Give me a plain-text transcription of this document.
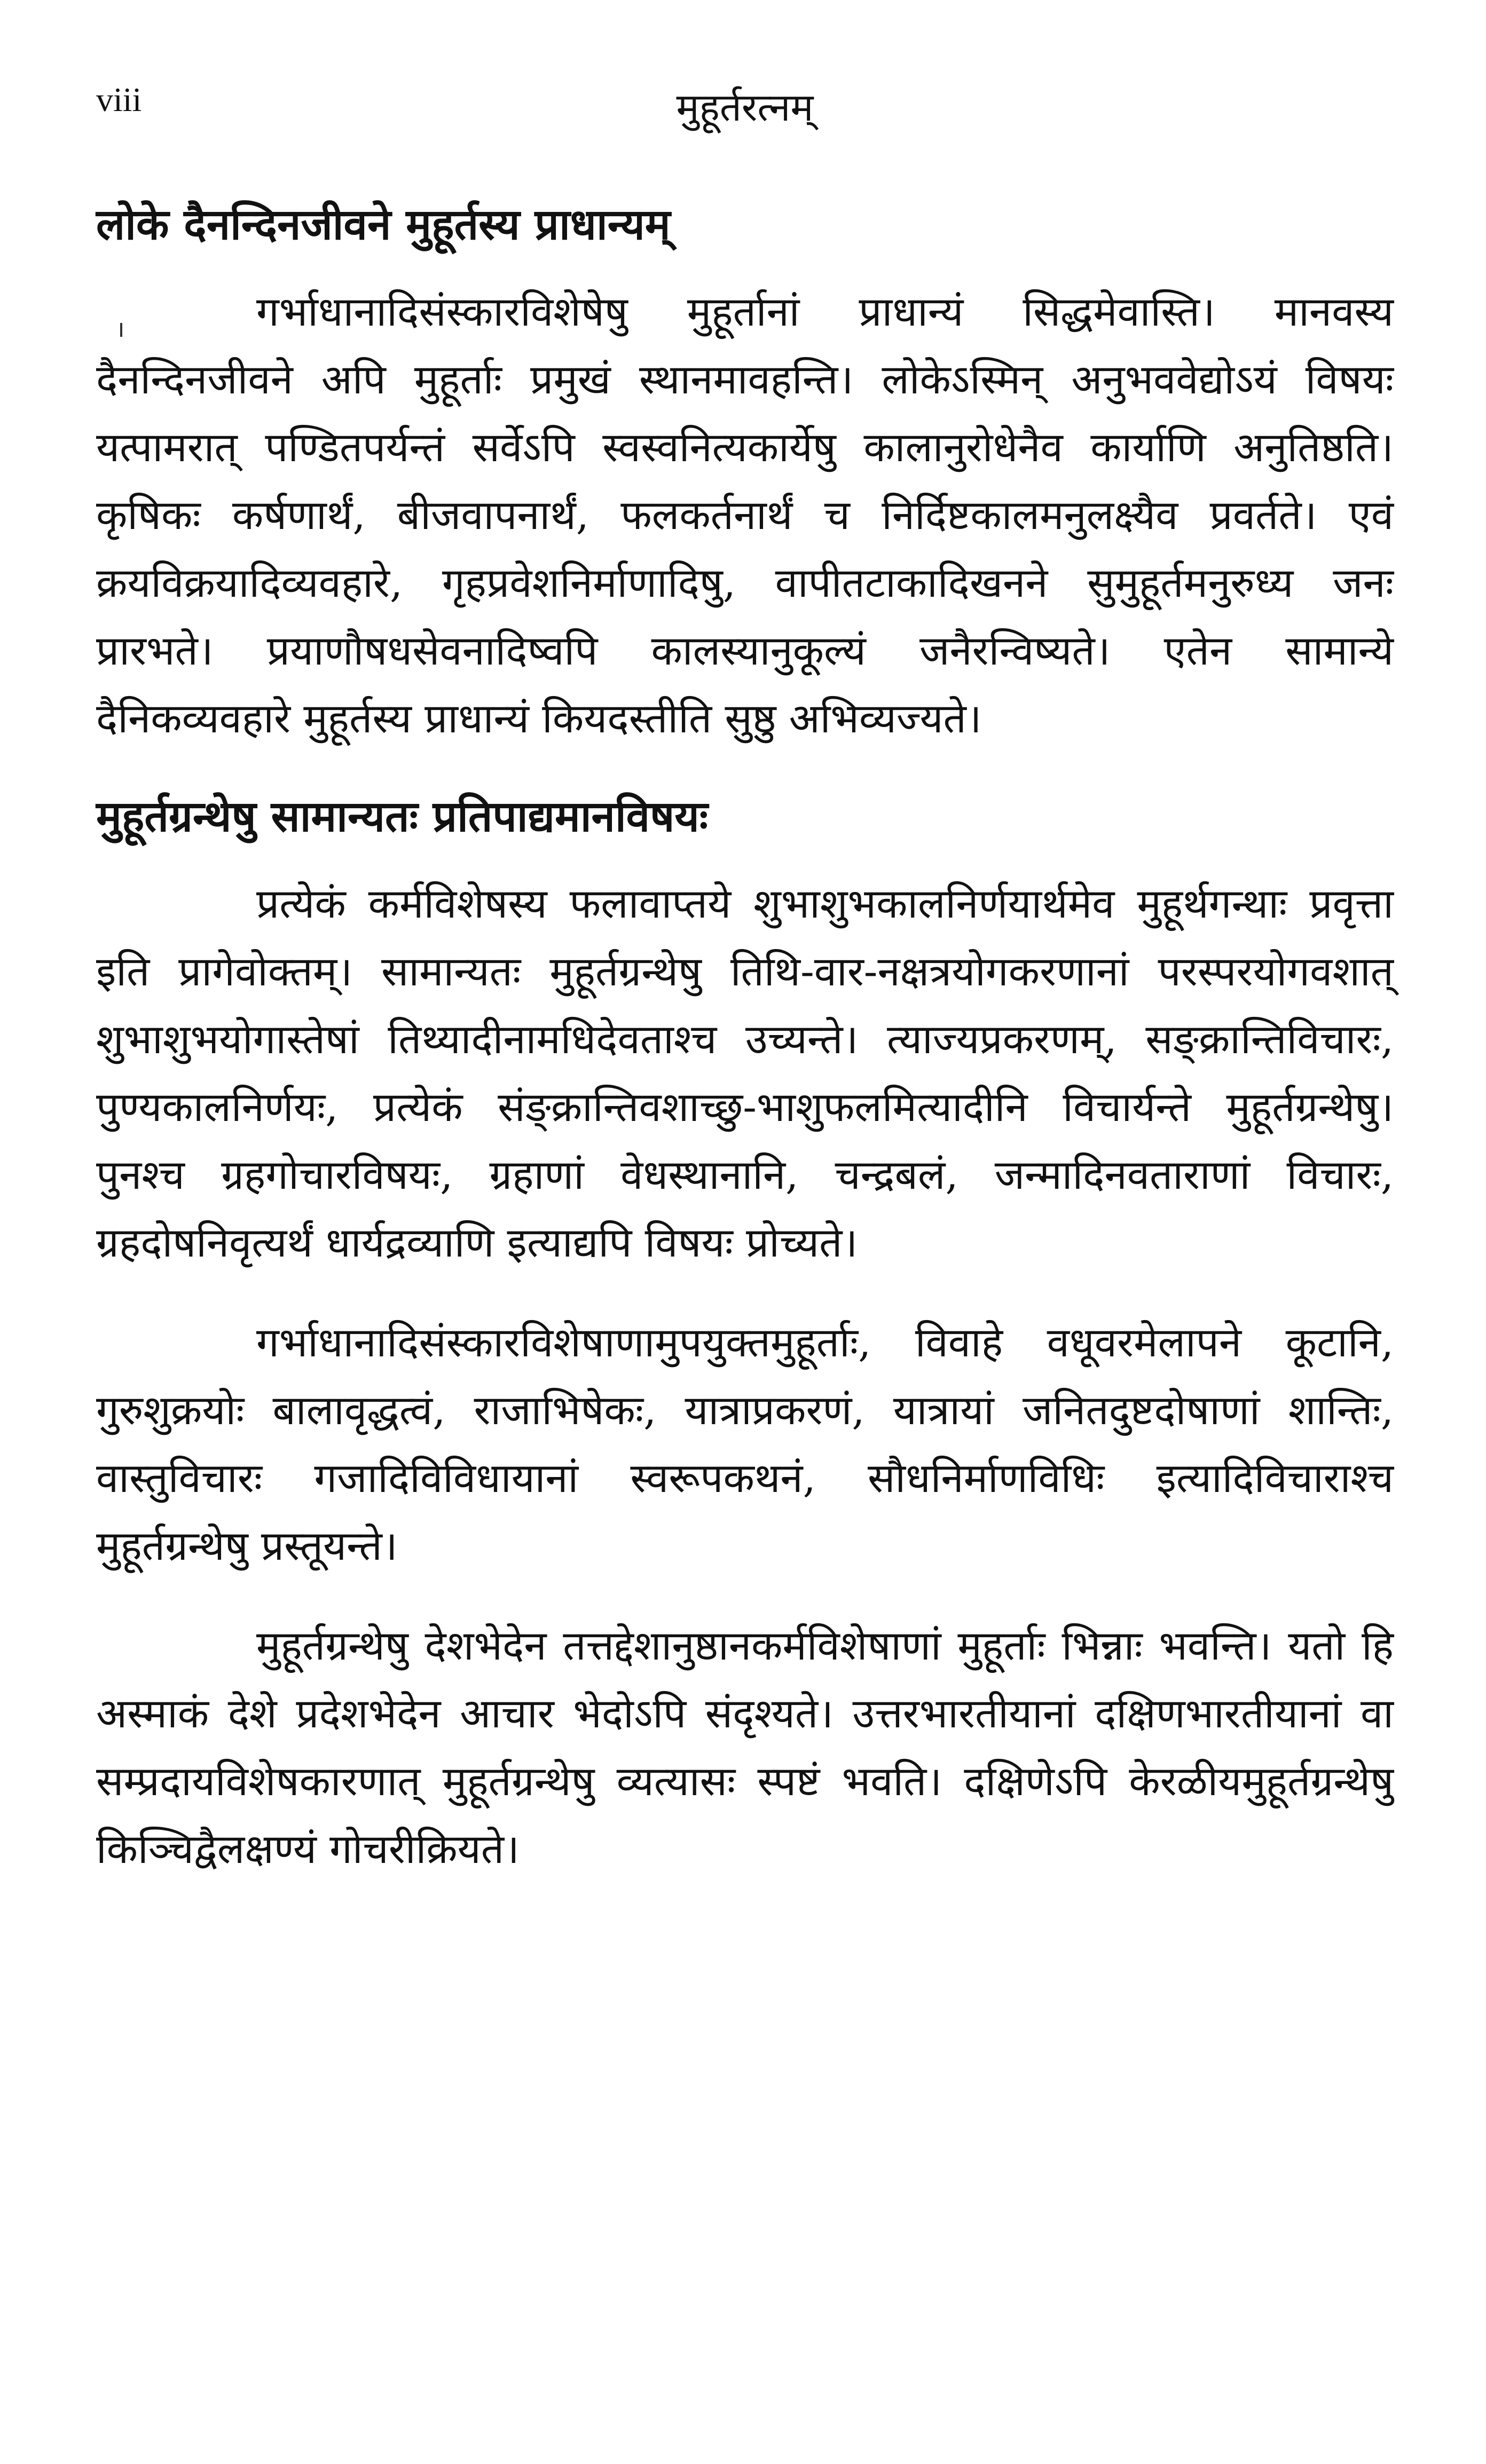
viii	मुहूर्तरत्नम्
लोके दैनन्दिनजीवने मुहूर्तस्य प्राधान्यम्

गर्भाधानादिसंस्कारविशेषेषु मुहूर्तानां प्राधान्यं सिद्धमेवास्ति। मानवस्य दैनन्दिनजीवने अपि मुहूर्ताः प्रमुखं स्थानमावहन्ति। लोकेऽस्मिन् अनुभववेद्योऽयं विषयः यत्पामरात् पण्डितपर्यन्तं सर्वेऽपि स्वस्वनित्यकार्येषु कालानुरोधेनैव कार्याणि अनुतिष्ठति। कृषिकः कर्षणार्थं, बीजवापनार्थं, फलकर्तनार्थं च निर्दिष्टकालमनुलक्ष्यैव प्रवर्तते। एवं क्रयविक्रयादिव्यवहारे, गृहप्रवेशनिर्माणादिषु, वापीतटाकादिखनने सुमुहूर्तमनुरुध्य जनः प्रारभते। प्रयाणौषधसेवनादिष्वपि कालस्यानुकूल्यं जनैरन्विष्यते। एतेन सामान्ये दैनिकव्यवहारे मुहूर्तस्य प्राधान्यं कियदस्तीति सुष्ठु अभिव्यज्यते।

मुहूर्तग्रन्थेषु सामान्यतः प्रतिपाद्यमानविषयः

प्रत्येकं कर्मविशेषस्य फलावाप्तये शुभाशुभकालनिर्णयार्थमेव मुहूर्थगन्थाः प्रवृत्ता इति प्रागेवोक्तम्। सामान्यतः मुहूर्तग्रन्थेषु तिथि-वार-नक्षत्रयोगकरणानां परस्परयोगवशात् शुभाशुभयोगास्तेषां तिथ्यादीनामधिदेवताश्च उच्यन्ते। त्याज्यप्रकरणम्, सङ्क्रान्तिविचारः, पुण्यकालनिर्णयः, प्रत्येकं संङ्क्रान्तिवशाच्छु-भाशुफलमित्यादीनि विचार्यन्ते मुहूर्तग्रन्थेषु। पुनश्च ग्रहगोचारविषयः, ग्रहाणां वेधस्थानानि, चन्द्रबलं, जन्मादिनवताराणां विचारः, ग्रहदोषनिवृत्यर्थं धार्यद्रव्याणि इत्याद्यपि विषयः प्रोच्यते।

गर्भाधानादिसंस्कारविशेषाणामुपयुक्तमुहूर्ताः, विवाहे वधूवरमेलापने कूटानि, गुरुशुक्रयोः बालावृद्धत्वं, राजाभिषेकः, यात्राप्रकरणं, यात्रायां जनितदुष्टदोषाणां शान्तिः, वास्तुविचारः गजादिविविधायानां स्वरूपकथनं, सौधनिर्माणविधिः इत्यादिविचाराश्च मुहूर्तग्रन्थेषु प्रस्तूयन्ते।

मुहूर्तग्रन्थेषु देशभेदेन तत्तद्देशानुष्ठानकर्मविशेषाणां मुहूर्ताः भिन्नाः भवन्ति। यतो हि अस्माकं देशे प्रदेशभेदेन आचार भेदोऽपि संदृश्यते। उत्तरभारतीयानां दक्षिणभारतीयानां वा सम्प्रदायविशेषकारणात् मुहूर्तग्रन्थेषु व्यत्यासः स्पष्टं भवति। दक्षिणेऽपि केरळीयमुहूर्तग्रन्थेषु किञ्चिद्वैलक्षण्यं गोचरीक्रियते।
